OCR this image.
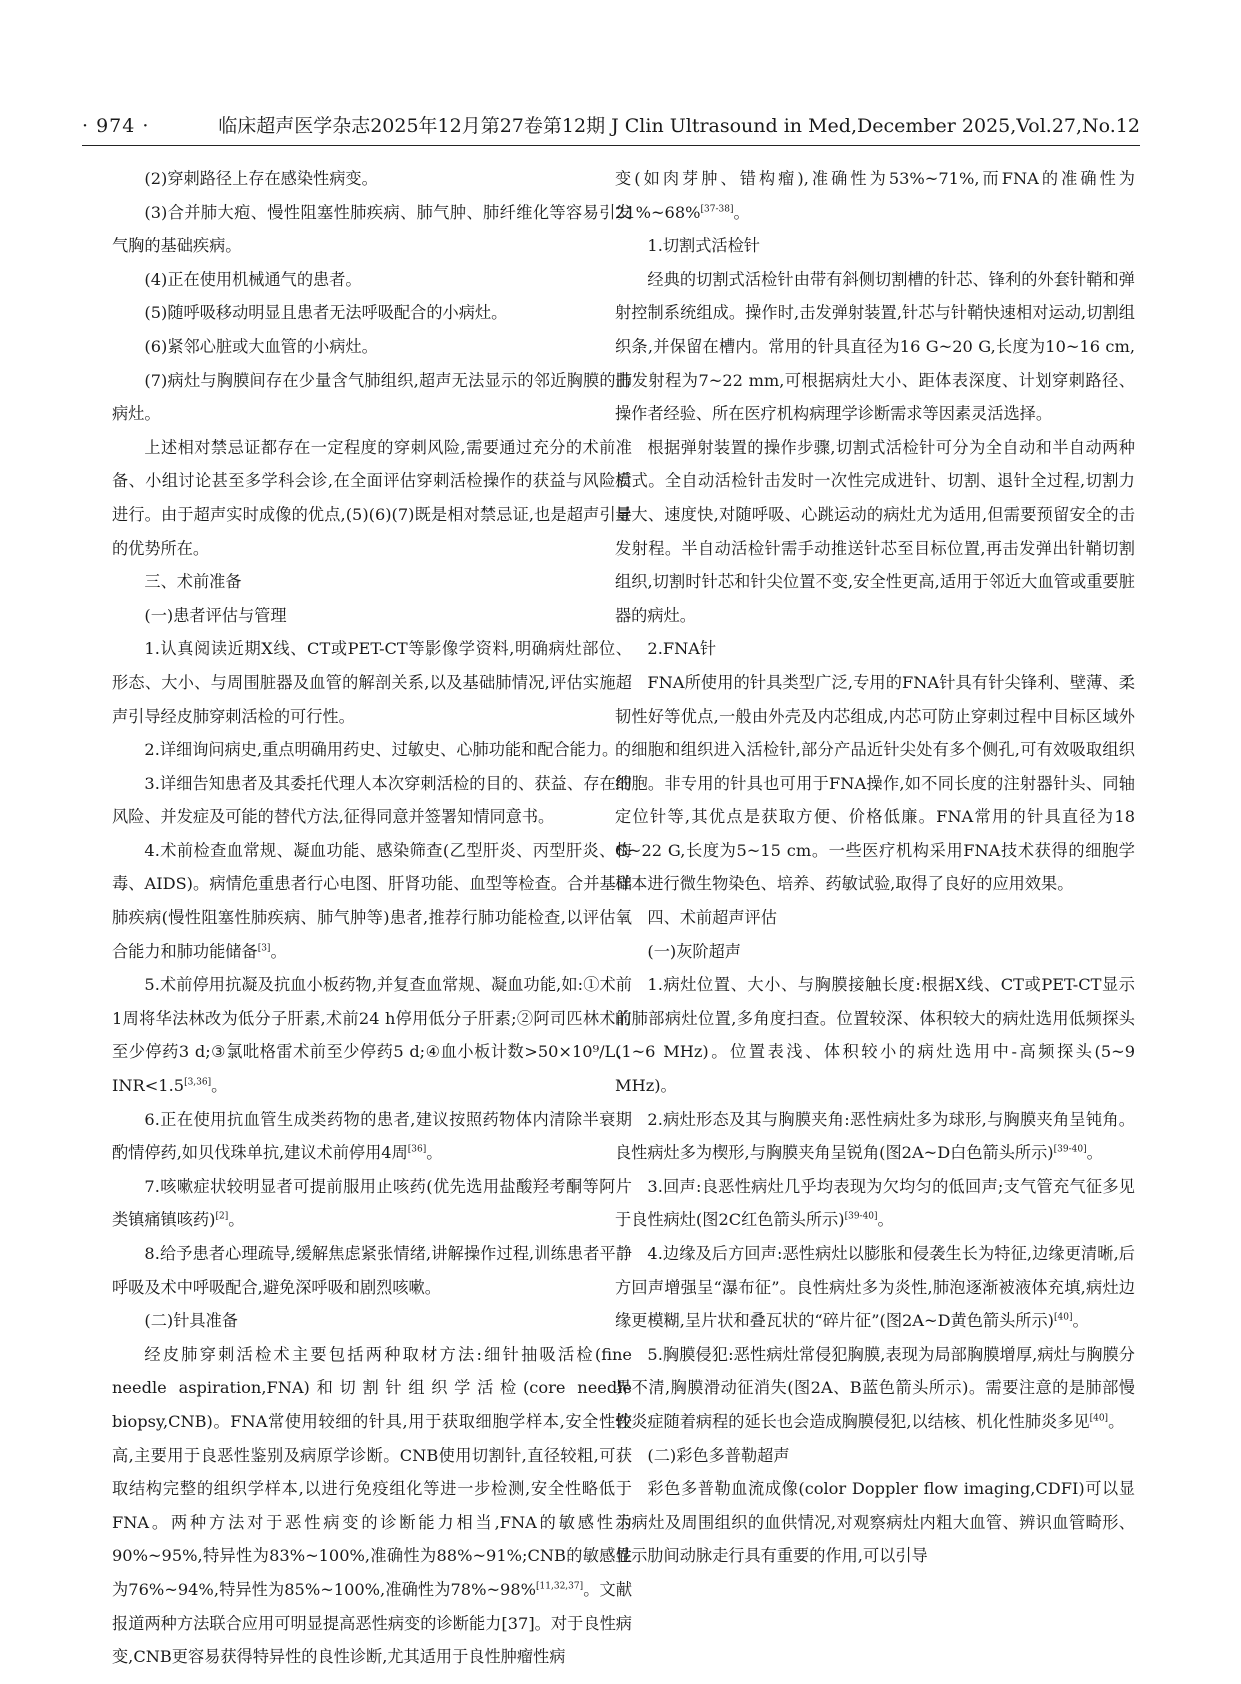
· 974 ·	临床超声医学杂志2025年12月第27卷第12期 J Clin Ultrasound in Med,December 2025,Vol.27,No.12

(2)穿刺路径上存在感染性病变。

(3)合并肺大疱、慢性阻塞性肺疾病、肺气肿、肺纤维化等容易引发气胸的基础疾病。

(4)正在使用机械通气的患者。

(5)随呼吸移动明显且患者无法呼吸配合的小病灶。

(6)紧邻心脏或大血管的小病灶。

(7)病灶与胸膜间存在少量含气肺组织,超声无法显示的邻近胸膜的肺病灶。

上述相对禁忌证都存在一定程度的穿刺风险,需要通过充分的术前准备、小组讨论甚至多学科会诊,在全面评估穿刺活检操作的获益与风险后进行。由于超声实时成像的优点,(5)(6)(7)既是相对禁忌证,也是超声引导的优势所在。

三、术前准备

(一)患者评估与管理

1.认真阅读近期X线、CT或PET-CT等影像学资料,明确病灶部位、形态、大小、与周围脏器及血管的解剖关系,以及基础肺情况,评估实施超声引导经皮肺穿刺活检的可行性。

2.详细询问病史,重点明确用药史、过敏史、心肺功能和配合能力。

3.详细告知患者及其委托代理人本次穿刺活检的目的、获益、存在的风险、并发症及可能的替代方法,征得同意并签署知情同意书。

4.术前检查血常规、凝血功能、感染筛查(乙型肝炎、丙型肝炎、梅毒、AIDS)。病情危重患者行心电图、肝肾功能、血型等检查。合并基础肺疾病(慢性阻塞性肺疾病、肺气肿等)患者,推荐行肺功能检查,以评估氧合能力和肺功能储备[3]。

5.术前停用抗凝及抗血小板药物,并复查血常规、凝血功能,如:①术前1周将华法林改为低分子肝素,术前24 h停用低分子肝素;②阿司匹林术前至少停药3 d;③氯吡格雷术前至少停药5 d;④血小板计数>50×10⁹/L、INR<1.5[3,36]。

6.正在使用抗血管生成类药物的患者,建议按照药物体内清除半衰期酌情停药,如贝伐珠单抗,建议术前停用4周[36]。

7.咳嗽症状较明显者可提前服用止咳药(优先选用盐酸羟考酮等阿片类镇痛镇咳药)[2]。

8.给予患者心理疏导,缓解焦虑紧张情绪,讲解操作过程,训练患者平静呼吸及术中呼吸配合,避免深呼吸和剧烈咳嗽。

(二)针具准备

经皮肺穿刺活检术主要包括两种取材方法:细针抽吸活检(fine needle aspiration,FNA)和切割针组织学活检(core needle biopsy,CNB)。FNA常使用较细的针具,用于获取细胞学样本,安全性较高,主要用于良恶性鉴别及病原学诊断。CNB使用切割针,直径较粗,可获取结构完整的组织学样本,以进行免疫组化等进一步检测,安全性略低于FNA。两种方法对于恶性病变的诊断能力相当,FNA的敏感性为90%~95%,特异性为83%~100%,准确性为88%~91%;CNB的敏感性为76%~94%,特异性为85%~100%,准确性为78%~98%[11,32,37]。文献报道两种方法联合应用可明显提高恶性病变的诊断能力[37]。对于良性病变,CNB更容易获得特异性的良性诊断,尤其适用于良性肿瘤性病

变(如肉芽肿、错构瘤),准确性为53%~71%,而FNA的准确性为21%~68%[37-38]。

1.切割式活检针

经典的切割式活检针由带有斜侧切割槽的针芯、锋利的外套针鞘和弹射控制系统组成。操作时,击发弹射装置,针芯与针鞘快速相对运动,切割组织条,并保留在槽内。常用的针具直径为16 G~20 G,长度为10~16 cm,击发射程为7~22 mm,可根据病灶大小、距体表深度、计划穿刺路径、操作者经验、所在医疗机构病理学诊断需求等因素灵活选择。

根据弹射装置的操作步骤,切割式活检针可分为全自动和半自动两种模式。全自动活检针击发时一次性完成进针、切割、退针全过程,切割力量大、速度快,对随呼吸、心跳运动的病灶尤为适用,但需要预留安全的击发射程。半自动活检针需手动推送针芯至目标位置,再击发弹出针鞘切割组织,切割时针芯和针尖位置不变,安全性更高,适用于邻近大血管或重要脏器的病灶。

2.FNA针

FNA所使用的针具类型广泛,专用的FNA针具有针尖锋利、壁薄、柔韧性好等优点,一般由外壳及内芯组成,内芯可防止穿刺过程中目标区域外的细胞和组织进入活检针,部分产品近针尖处有多个侧孔,可有效吸取组织细胞。非专用的针具也可用于FNA操作,如不同长度的注射器针头、同轴定位针等,其优点是获取方便、价格低廉。FNA常用的针具直径为18 G~22 G,长度为5~15 cm。一些医疗机构采用FNA技术获得的细胞学样本进行微生物染色、培养、药敏试验,取得了良好的应用效果。

四、术前超声评估

(一)灰阶超声

1.病灶位置、大小、与胸膜接触长度:根据X线、CT或PET-CT显示的肺部病灶位置,多角度扫查。位置较深、体积较大的病灶选用低频探头(1~6 MHz)。位置表浅、体积较小的病灶选用中-高频探头(5~9 MHz)。

2.病灶形态及其与胸膜夹角:恶性病灶多为球形,与胸膜夹角呈钝角。良性病灶多为楔形,与胸膜夹角呈锐角(图2A~D白色箭头所示)[39-40]。

3.回声:良恶性病灶几乎均表现为欠均匀的低回声;支气管充气征多见于良性病灶(图2C红色箭头所示)[39-40]。

4.边缘及后方回声:恶性病灶以膨胀和侵袭生长为特征,边缘更清晰,后方回声增强呈“瀑布征”。良性病灶多为炎性,肺泡逐渐被液体充填,病灶边缘更模糊,呈片状和叠瓦状的“碎片征”(图2A~D黄色箭头所示)[40]。

5.胸膜侵犯:恶性病灶常侵犯胸膜,表现为局部胸膜增厚,病灶与胸膜分界不清,胸膜滑动征消失(图2A、B蓝色箭头所示)。需要注意的是肺部慢性炎症随着病程的延长也会造成胸膜侵犯,以结核、机化性肺炎多见[40]。

(二)彩色多普勒超声

彩色多普勒血流成像(color Doppler flow imaging,CDFI)可以显示病灶及周围组织的血供情况,对观察病灶内粗大血管、辨识血管畸形、显示肋间动脉走行具有重要的作用,可以引导
